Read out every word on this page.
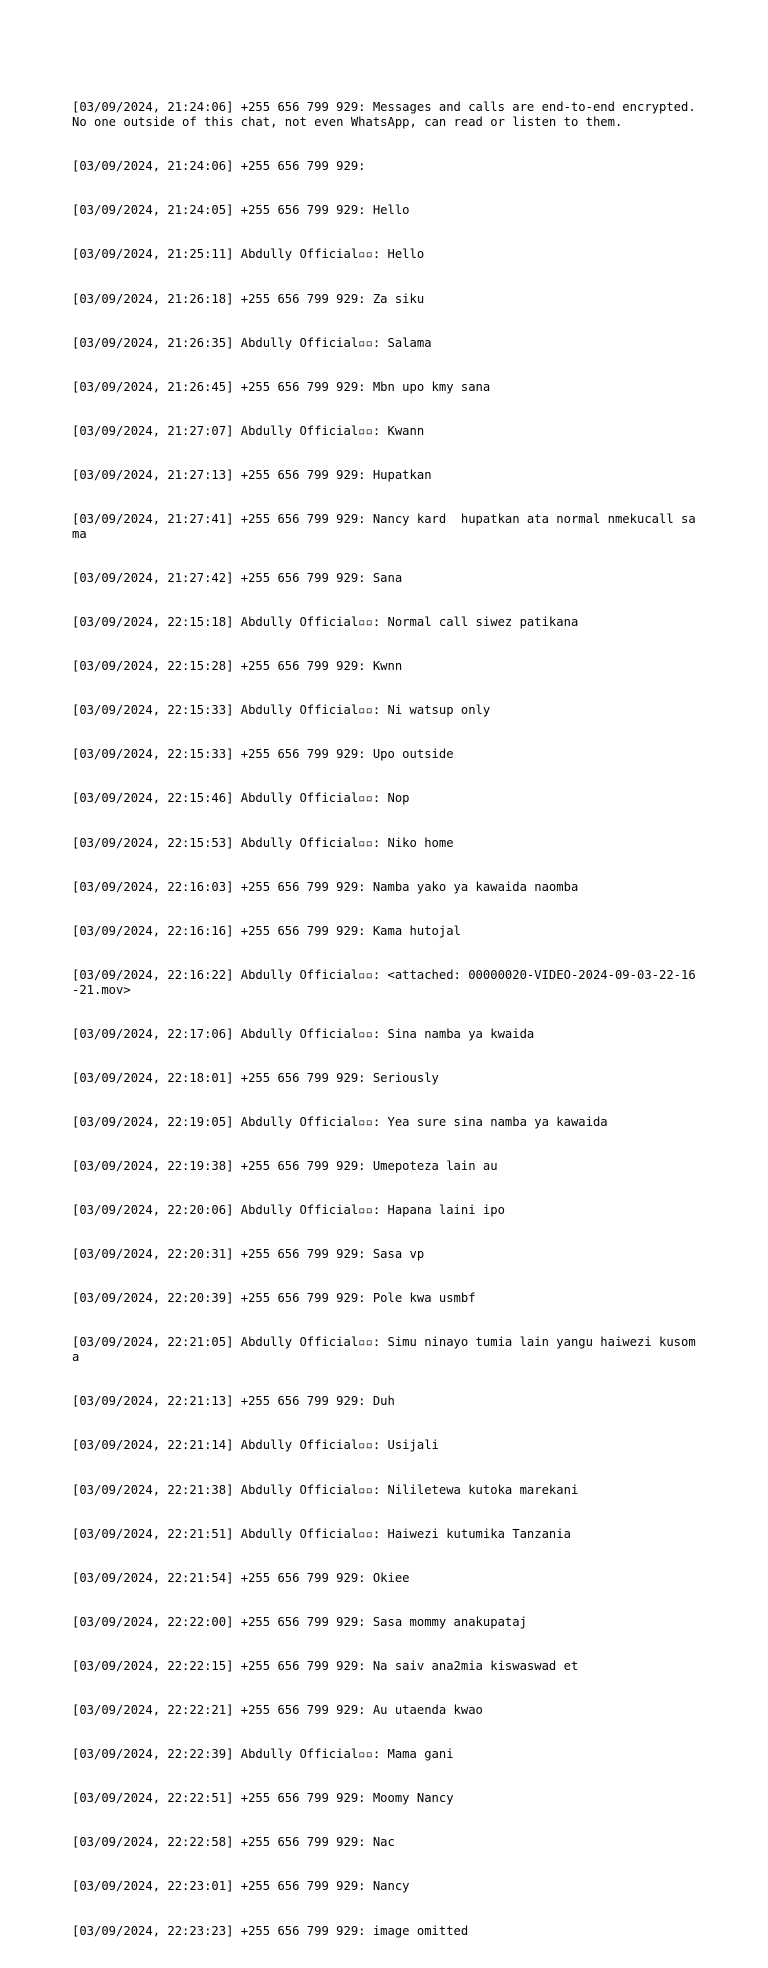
[03/09/2024, 21:24:06] +255 656 799 929: Messages and calls are end-to-end encrypted. No one outside of this chat, not even WhatsApp, can read or listen to them.

[03/09/2024, 21:24:06] +255 656 799 929:

[03/09/2024, 21:24:05] +255 656 799 929: Hello

[03/09/2024, 21:25:11] Abdully Official▫▫: Hello

[03/09/2024, 21:26:18] +255 656 799 929: Za siku

[03/09/2024, 21:26:35] Abdully Official▫▫: Salama

[03/09/2024, 21:26:45] +255 656 799 929: Mbn upo kmy sana

[03/09/2024, 21:27:07] Abdully Official▫▫: Kwann

[03/09/2024, 21:27:13] +255 656 799 929: Hupatkan

[03/09/2024, 21:27:41] +255 656 799 929: Nancy kard  hupatkan ata normal nmekucall sama

[03/09/2024, 21:27:42] +255 656 799 929: Sana

[03/09/2024, 22:15:18] Abdully Official▫▫: Normal call siwez patikana

[03/09/2024, 22:15:28] +255 656 799 929: Kwnn

[03/09/2024, 22:15:33] Abdully Official▫▫: Ni watsup only

[03/09/2024, 22:15:33] +255 656 799 929: Upo outside

[03/09/2024, 22:15:46] Abdully Official▫▫: Nop

[03/09/2024, 22:15:53] Abdully Official▫▫: Niko home

[03/09/2024, 22:16:03] +255 656 799 929: Namba yako ya kawaida naomba

[03/09/2024, 22:16:16] +255 656 799 929: Kama hutojal

[03/09/2024, 22:16:22] Abdully Official▫▫: <attached: 00000020-VIDEO-2024-09-03-22-16-21.mov>

[03/09/2024, 22:17:06] Abdully Official▫▫: Sina namba ya kwaida

[03/09/2024, 22:18:01] +255 656 799 929: Seriously

[03/09/2024, 22:19:05] Abdully Official▫▫: Yea sure sina namba ya kawaida

[03/09/2024, 22:19:38] +255 656 799 929: Umepoteza lain au

[03/09/2024, 22:20:06] Abdully Official▫▫: Hapana laini ipo

[03/09/2024, 22:20:31] +255 656 799 929: Sasa vp

[03/09/2024, 22:20:39] +255 656 799 929: Pole kwa usmbf

[03/09/2024, 22:21:05] Abdully Official▫▫: Simu ninayo tumia lain yangu haiwezi kusoma

[03/09/2024, 22:21:13] +255 656 799 929: Duh

[03/09/2024, 22:21:14] Abdully Official▫▫: Usijali

[03/09/2024, 22:21:38] Abdully Official▫▫: Nililetewa kutoka marekani

[03/09/2024, 22:21:51] Abdully Official▫▫: Haiwezi kutumika Tanzania

[03/09/2024, 22:21:54] +255 656 799 929: Okiee

[03/09/2024, 22:22:00] +255 656 799 929: Sasa mommy anakupataj

[03/09/2024, 22:22:15] +255 656 799 929: Na saiv ana2mia kiswaswad et

[03/09/2024, 22:22:21] +255 656 799 929: Au utaenda kwao

[03/09/2024, 22:22:39] Abdully Official▫▫: Mama gani

[03/09/2024, 22:22:51] +255 656 799 929: Moomy Nancy

[03/09/2024, 22:22:58] +255 656 799 929: Nac

[03/09/2024, 22:23:01] +255 656 799 929: Nancy

[03/09/2024, 22:23:23] +255 656 799 929: image omitted
